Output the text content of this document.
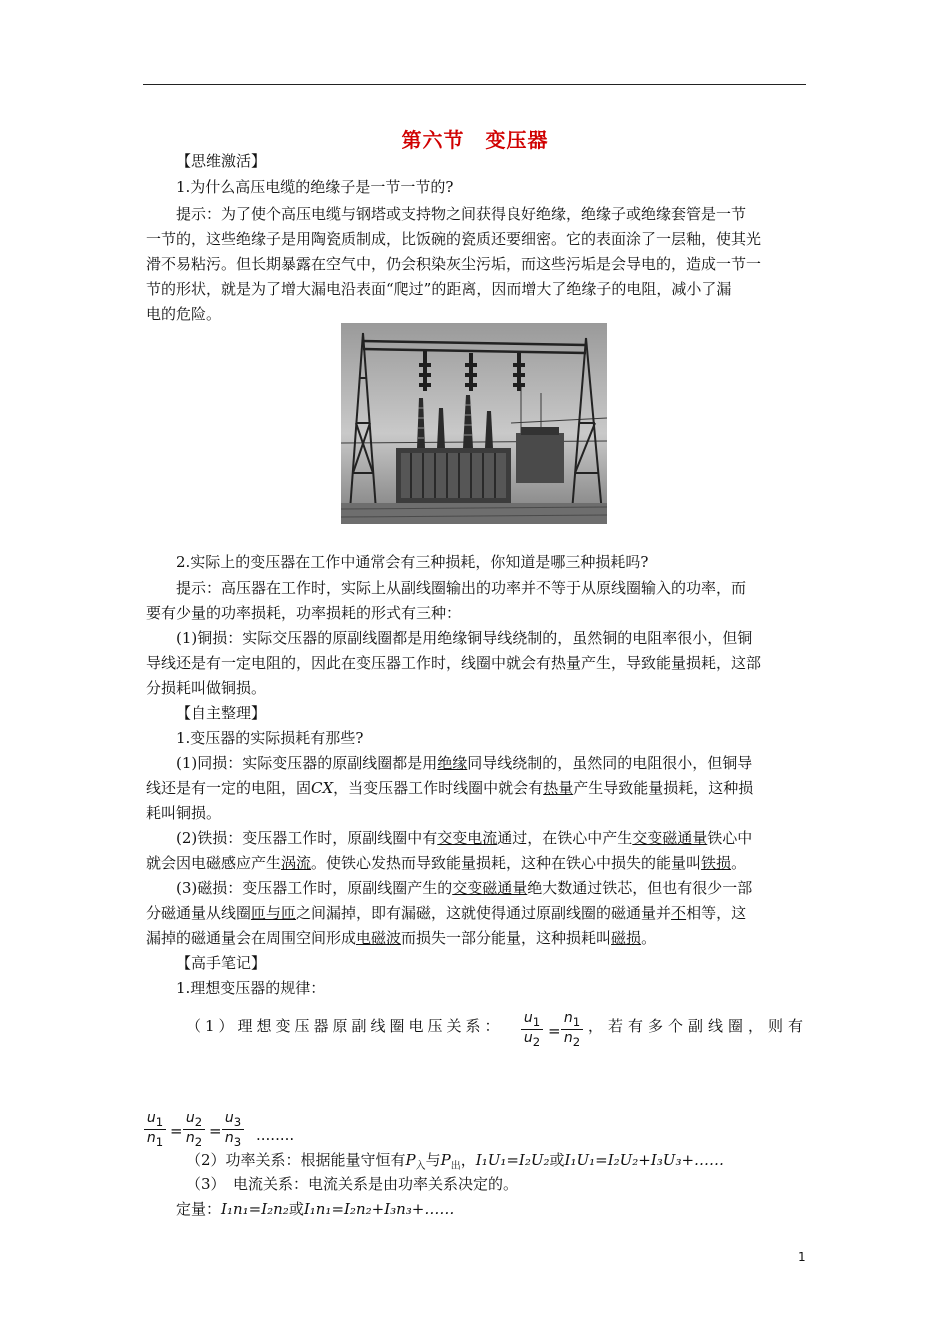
第六节　变压器
【思维激活】
1.为什么高压电缆的绝缘子是一节一节的?
提示：为了使个高压电缆与钢塔或支持物之间获得良好绝缘，绝缘子或绝缘套管是一节
一节的，这些绝缘子是用陶瓷质制成，比饭碗的瓷质还要细密。它的表面涂了一层釉，使其光
滑不易粘污。但长期暴露在空气中，仍会积染灰尘污垢，而这些污垢是会导电的，造成一节一
节的形状，就是为了增大漏电沿表面“爬过”的距离，因而增大了绝缘子的电阻，减小了漏
电的危险。
2.实际上的变压器在工作中通常会有三种损耗，你知道是哪三种损耗吗?
提示：高压器在工作时，实际上从副线圈输出的功率并不等于从原线圈输入的功率，而
要有少量的功率损耗，功率损耗的形式有三种：
(1)铜损：实际交压器的原副线圈都是用绝缘铜导线绕制的，虽然铜的电阻率很小，但铜
导线还是有一定电阻的，因此在变压器工作时，线圈中就会有热量产生，导致能量损耗，这部
分损耗叫做铜损。
【自主整理】
1.变压器的实际损耗有那些?
(1)同损：实际变压器的原副线圈都是用绝缘同导线绕制的，虽然同的电阻很小，但铜导
线还是有一定的电阻，固CX，当变压器工作时线圈中就会有热量产生导致能量损耗，这种损
耗叫铜损。
(2)铁损：变压器工作时，原副线圈中有交变电流通过，在铁心中产生交变磁通量铁心中
就会因电磁感应产生涡流。使铁心发热而导致能量损耗，这种在铁心中损失的能量叫铁损。
(3)磁损：变压器工作时，原副线圈产生的交变磁通量绝大数通过铁芯，但也有很少一部
分磁通量从线圈匝与匝之间漏掉，即有漏磁，这就使得通过原副线圈的磁通量并不相等，这
漏掉的磁通量会在周围空间形成电磁波而损失一部分能量，这种损耗叫磁损。
【高手笔记】
1.理想变压器的规律：
（1）理想变压器原副线圈电压关系： $\frac{u_1}{u_2} = \frac{n_1}{n_2}$ ，若有多个副线圈，则有
$\frac{u_1}{n_1} = \frac{u_2}{n_2} = \frac{u_3}{n_3}$ ........
（2）功率关系：根据能量守恒有$P_入$与$P_出$，I₁U₁=I₂U₂或I₁U₁=I₂U₂+I₃U₃+……
（3）　电流关系：电流关系是由功率关系决定的。
定量：I₁n₁=I₂n₂或I₁n₁=I₂n₂+I₃n₃+……
1
